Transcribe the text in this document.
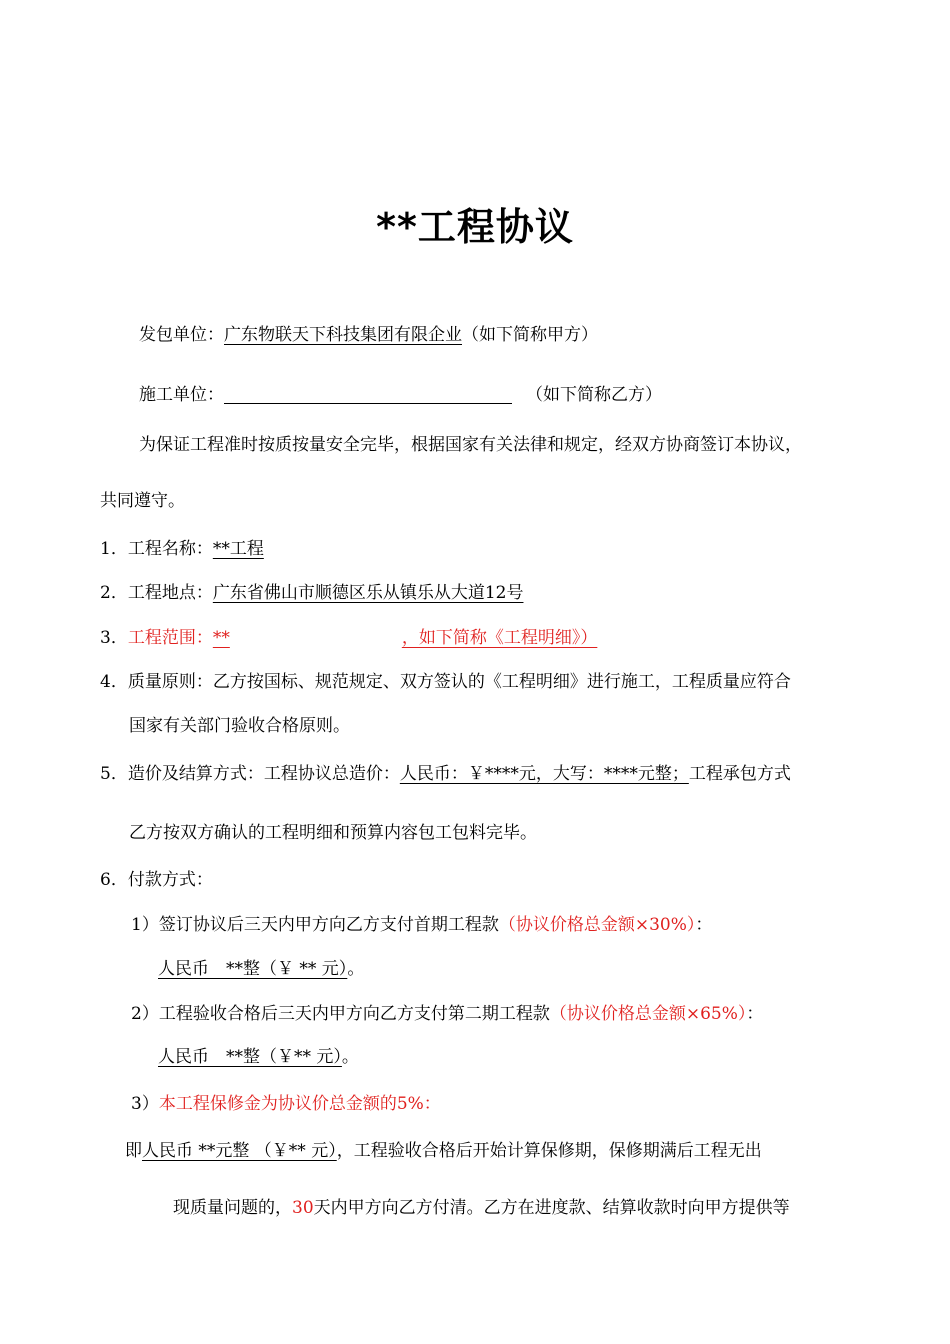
**工程协议
发包单位：广东物联天下科技集团有限企业（如下简称甲方）
施工单位：	（如下简称乙方）
为保证工程准时按质按量安全完毕，根据国家有关法律和规定，经双方协商签订本协议，
共同遵守。
1．工程名称：**工程
2．工程地点：广东省佛山市顺德区乐从镇乐从大道12号
3．工程范围：**	，如下简称《工程明细》）
4．质量原则：乙方按国标、规范规定、双方签认的《工程明细》进行施工，工程质量应符合
国家有关部门验收合格原则。
5．造价及结算方式：工程协议总造价：人民币：￥****元，大写：****元整；工程承包方式
乙方按双方确认的工程明细和预算内容包工包料完毕。
6．付款方式：
1）签订协议后三天内甲方向乙方支付首期工程款（协议价格总金额×30%）：
人民币　**整（￥ ** 元）。
2）工程验收合格后三天内甲方向乙方支付第二期工程款（协议价格总金额×65%）：
人民币　**整（￥** 元）。
3）本工程保修金为协议价总金额的5%：
即人民币 **元整 （￥** 元），工程验收合格后开始计算保修期，保修期满后工程无出
现质量问题的，30天内甲方向乙方付清。乙方在进度款、结算收款时向甲方提供等
